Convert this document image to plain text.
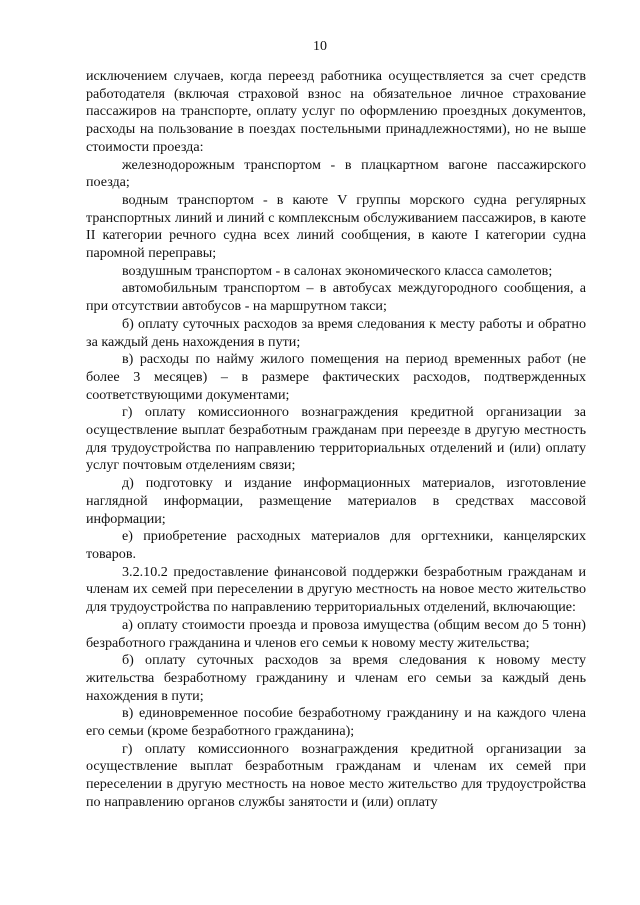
10

исключением случаев, когда переезд работника осуществляется за счет средств работодателя (включая страховой взнос на обязательное личное страхование пассажиров на транспорте, оплату услуг по оформлению проездных документов, расходы на пользование в поездах постельными принадлежностями), но не выше стоимости проезда:

железнодорожным транспортом - в плацкартном вагоне пассажирского поезда;

водным транспортом - в каюте V группы морского судна регулярных транспортных линий и линий с комплексным обслуживанием пассажиров, в каюте II категории речного судна всех линий сообщения, в каюте I категории судна паромной переправы;

воздушным транспортом - в салонах экономического класса самолетов;

автомобильным транспортом – в автобусах междугородного сообщения, а при отсутствии автобусов - на маршрутном такси;

б) оплату суточных расходов за время следования к месту работы и обратно за каждый день нахождения в пути;

в) расходы по найму жилого помещения на период временных работ (не более 3 месяцев) – в размере фактических расходов, подтвержденных соответствующими документами;

г) оплату комиссионного вознаграждения кредитной организации за осуществление выплат безработным гражданам при переезде в другую местность для трудоустройства по направлению территориальных отделений и (или) оплату услуг почтовым отделениям связи;

д) подготовку и издание информационных материалов, изготовление наглядной информации, размещение материалов в средствах массовой информации;

е) приобретение расходных материалов для оргтехники, канцелярских товаров.

3.2.10.2 предоставление финансовой поддержки безработным гражданам и членам их семей при переселении в другую местность на новое место жительство для трудоустройства по направлению территориальных отделений, включающие:

а) оплату стоимости проезда и провоза имущества (общим весом до 5 тонн) безработного гражданина и членов его семьи к новому месту жительства;

б) оплату суточных расходов за время следования к новому месту жительства безработному гражданину и членам его семьи за каждый день нахождения в пути;

в) единовременное пособие безработному гражданину и на каждого члена его семьи (кроме безработного гражданина);

г) оплату комиссионного вознаграждения кредитной организации за осуществление выплат безработным гражданам и членам их семей при переселении в другую местность на новое место жительство для трудоустройства по направлению органов службы занятости и (или) оплату
